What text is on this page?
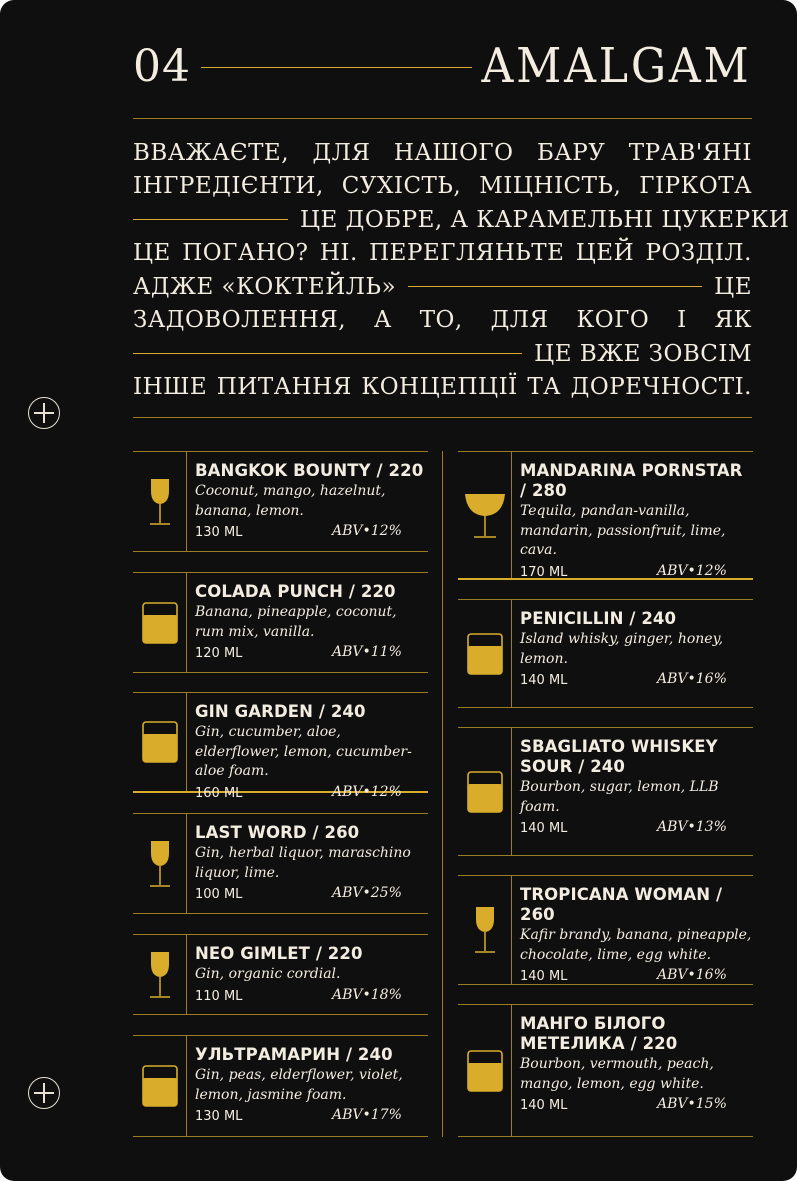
04	AMALGAM
ВВАЖАЄТЕ, ДЛЯ НАШОГО БАРУ ТРАВ'ЯНІ
ІНГРЕДІЄНТИ, СУХІСТЬ, МІЦНІСТЬ, ГІРКОТА
ЦЕ ДОБРЕ, А КАРАМЕЛЬНІ ЦУКЕРКИ
ЦЕ ПОГАНО? НІ. ПЕРЕГЛЯНЬТЕ ЦЕЙ РОЗДІЛ.
АДЖЕ «КОКТЕЙЛЬ»	ЦЕ
ЗАДОВОЛЕННЯ, А ТО, ДЛЯ КОГО І ЯК
ЦЕ ВЖЕ ЗОВСІМ
ІНШЕ ПИТАННЯ КОНЦЕПЦІЇ ТА ДОРЕЧНОСТІ.
BANGKOK BOUNTY / 220
Coconut, mango, hazelnut, banana, lemon.
130 ML	ABV•12%
COLADA PUNCH / 220
Banana, pineapple, coconut, rum mix, vanilla.
120 ML	ABV•11%
GIN GARDEN / 240
Gin, cucumber, aloe, elderflower, lemon, cucumber-aloe foam.
160 ML	ABV•12%
LAST WORD / 260
Gin, herbal liquor, maraschino liquor, lime.
100 ML	ABV•25%
NEO GIMLET / 220
Gin, organic cordial.
110 ML	ABV•18%
УЛЬТРАМАРИН / 240
Gin, peas, elderflower, violet, lemon, jasmine foam.
130 ML	ABV•17%
MANDARINA PORNSTAR / 280
Tequila, pandan-vanilla, mandarin, passionfruit, lime, cava.
170 ML	ABV•12%
PENICILLIN / 240
Island whisky, ginger, honey, lemon.
140 ML	ABV•16%
SBAGLIATO WHISKEY SOUR / 240
Bourbon, sugar, lemon, LLB foam.
140 ML	ABV•13%
TROPICANA WOMAN / 260
Kafir brandy, banana, pineapple, chocolate, lime, egg white.
140 ML	ABV•16%
МАНГО БІЛОГО МЕТЕЛИКА / 220
Bourbon, vermouth, peach, mango, lemon, egg white.
140 ML	ABV•15%
